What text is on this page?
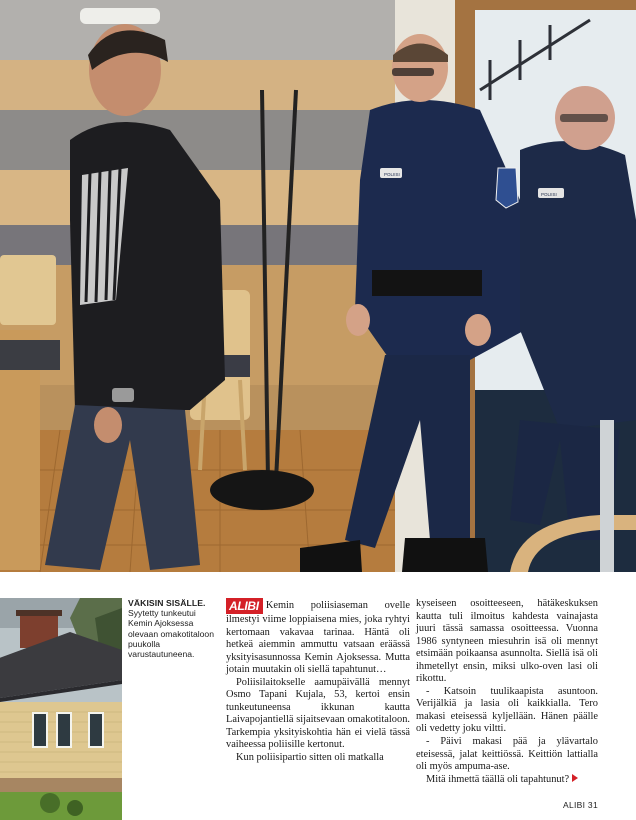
POLIISI
POLIISI
VÄKISIN SISÄLLE.
Syytetty tunkeutui Kemin Ajoksessa olevaan omakotitaloon puukolla varustautuneena.

ALIBI Kemin poliisiaseman ovelle ilmestyi viime loppiaisena mies, joka ryhtyi kertomaan vakavaa tarinaa. Häntä oli hetkeä aiemmin ammuttu vatsaan eräässä yksityisasunnossa Kemin Ajoksessa. Mutta jotain muutakin oli siellä tapahtunut…

Poliisilaitokselle aamupäivällä mennyt Osmo Tapani Kujala, 53, kertoi ensin tunkeutuneensa ikkunan kautta Laivapojantiellä sijaitsevaan omakotitaloon. Tarkempia yksityiskohtia hän ei vielä tässä vaiheessa poliisille kertonut.

Kun poliisipartio sitten oli matkalla

kyseiseen osoitteeseen, hätäkeskuksen kautta tuli ilmoitus kahdesta vainajasta juuri tässä samassa osoitteessa. Vuonna 1986 syntyneen miesuhrin isä oli mennyt etsimään poikaansa asunnolta. Siellä isä oli ihmetellyt ensin, miksi ulko-oven lasi oli rikottu.

- Katsoin tuulikaapista asuntoon. Verijälkiä ja lasia oli kaikkialla. Tero makasi eteisessä kyljellään. Hänen päälle oli vedetty joku viltti.

- Päivi makasi pää ja ylävartalo eteisessä, jalat keittiössä. Keittiön lattialla oli myös ampuma-ase.

Mitä ihmettä täällä oli tapahtunut?

ALIBI 31
